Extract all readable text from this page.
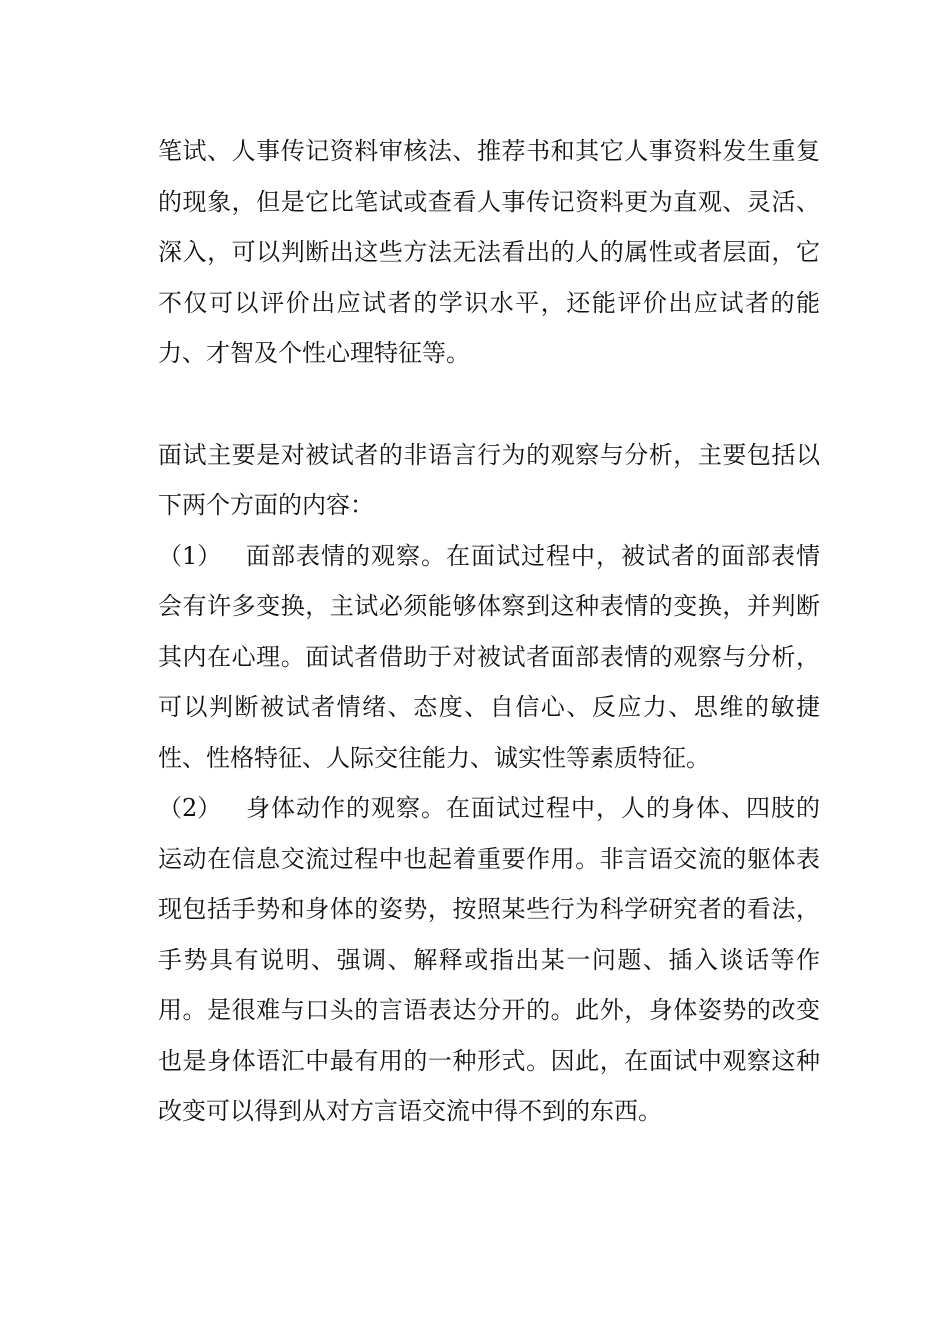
笔试、人事传记资料审核法、推荐书和其它人事资料发生重复的现象，但是它比笔试或查看人事传记资料更为直观、灵活、深入，可以判断出这些方法无法看出的人的属性或者层面，它不仅可以评价出应试者的学识水平，还能评价出应试者的能力、才智及个性心理特征等。

面试主要是对被试者的非语言行为的观察与分析，主要包括以下两个方面的内容：

（1） 面部表情的观察。在面试过程中，被试者的面部表情会有许多变换，主试必须能够体察到这种表情的变换，并判断其内在心理。面试者借助于对被试者面部表情的观察与分析，可以判断被试者情绪、态度、自信心、反应力、思维的敏捷性、性格特征、人际交往能力、诚实性等素质特征。

（2） 身体动作的观察。在面试过程中，人的身体、四肢的运动在信息交流过程中也起着重要作用。非言语交流的躯体表现包括手势和身体的姿势，按照某些行为科学研究者的看法，手势具有说明、强调、解释或指出某一问题、插入谈话等作用。是很难与口头的言语表达分开的。此外，身体姿势的改变也是身体语汇中最有用的一种形式。因此，在面试中观察这种改变可以得到从对方言语交流中得不到的东西。
